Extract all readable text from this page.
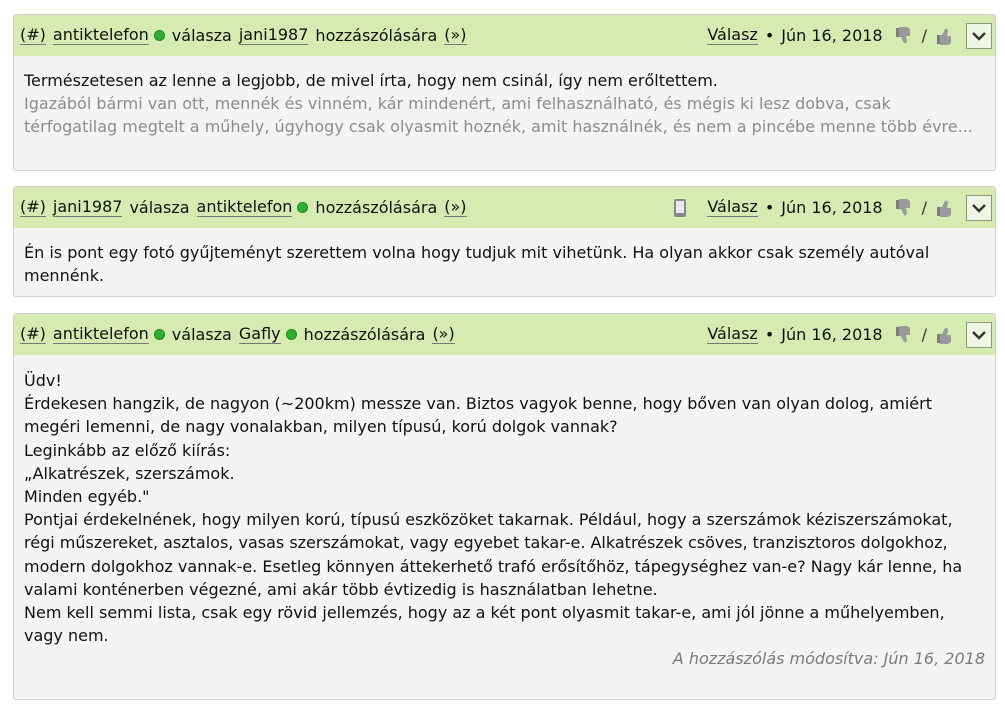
(#) antiktelefon válasza jani1987 hozzászólására (»)	Válasz • Jún 16, 2018 /

Természetesen az lenne a legjobb, de mivel írta, hogy nem csinál, így nem erőltettem.

Igazából bármi van ott, mennék és vinném, kár mindenért, ami felhasználható, és mégis ki lesz dobva, csak térfogatilag megtelt a műhely, úgyhogy csak olyasmit hoznék, amit használnék, és nem a pincébe menne több évre...

(#) jani1987 válasza antiktelefon hozzászólására (»)	Válasz • Jún 16, 2018 /

Én is pont egy fotó gyűjteményt szerettem volna hogy tudjuk mit vihetünk. Ha olyan akkor csak személy autóval mennénk.

(#) antiktelefon válasza Gafly hozzászólására (»)	Válasz • Jún 16, 2018 /

Üdv!
Érdekesen hangzik, de nagyon (~200km) messze van. Biztos vagyok benne, hogy bőven van olyan dolog, amiért megéri lemenni, de nagy vonalakban, milyen típusú, korú dolgok vannak?
Leginkább az előző kiírás:
„Alkatrészek, szerszámok.
Minden egyéb."
Pontjai érdekelnének, hogy milyen korú, típusú eszközöket takarnak. Például, hogy a szerszámok kéziszerszámokat, régi műszereket, asztalos, vasas szerszámokat, vagy egyebet takar-e. Alkatrészek csöves, tranzisztoros dolgokhoz, modern dolgokhoz vannak-e. Esetleg könnyen áttekerhető trafó erősítőhöz, tápegységhez van-e? Nagy kár lenne, ha valami konténerben végezné, ami akár több évtizedig is használatban lehetne.
Nem kell semmi lista, csak egy rövid jellemzés, hogy az a két pont olyasmit takar-e, ami jól jönne a műhelyemben, vagy nem.

A hozzászólás módosítva: Jún 16, 2018
